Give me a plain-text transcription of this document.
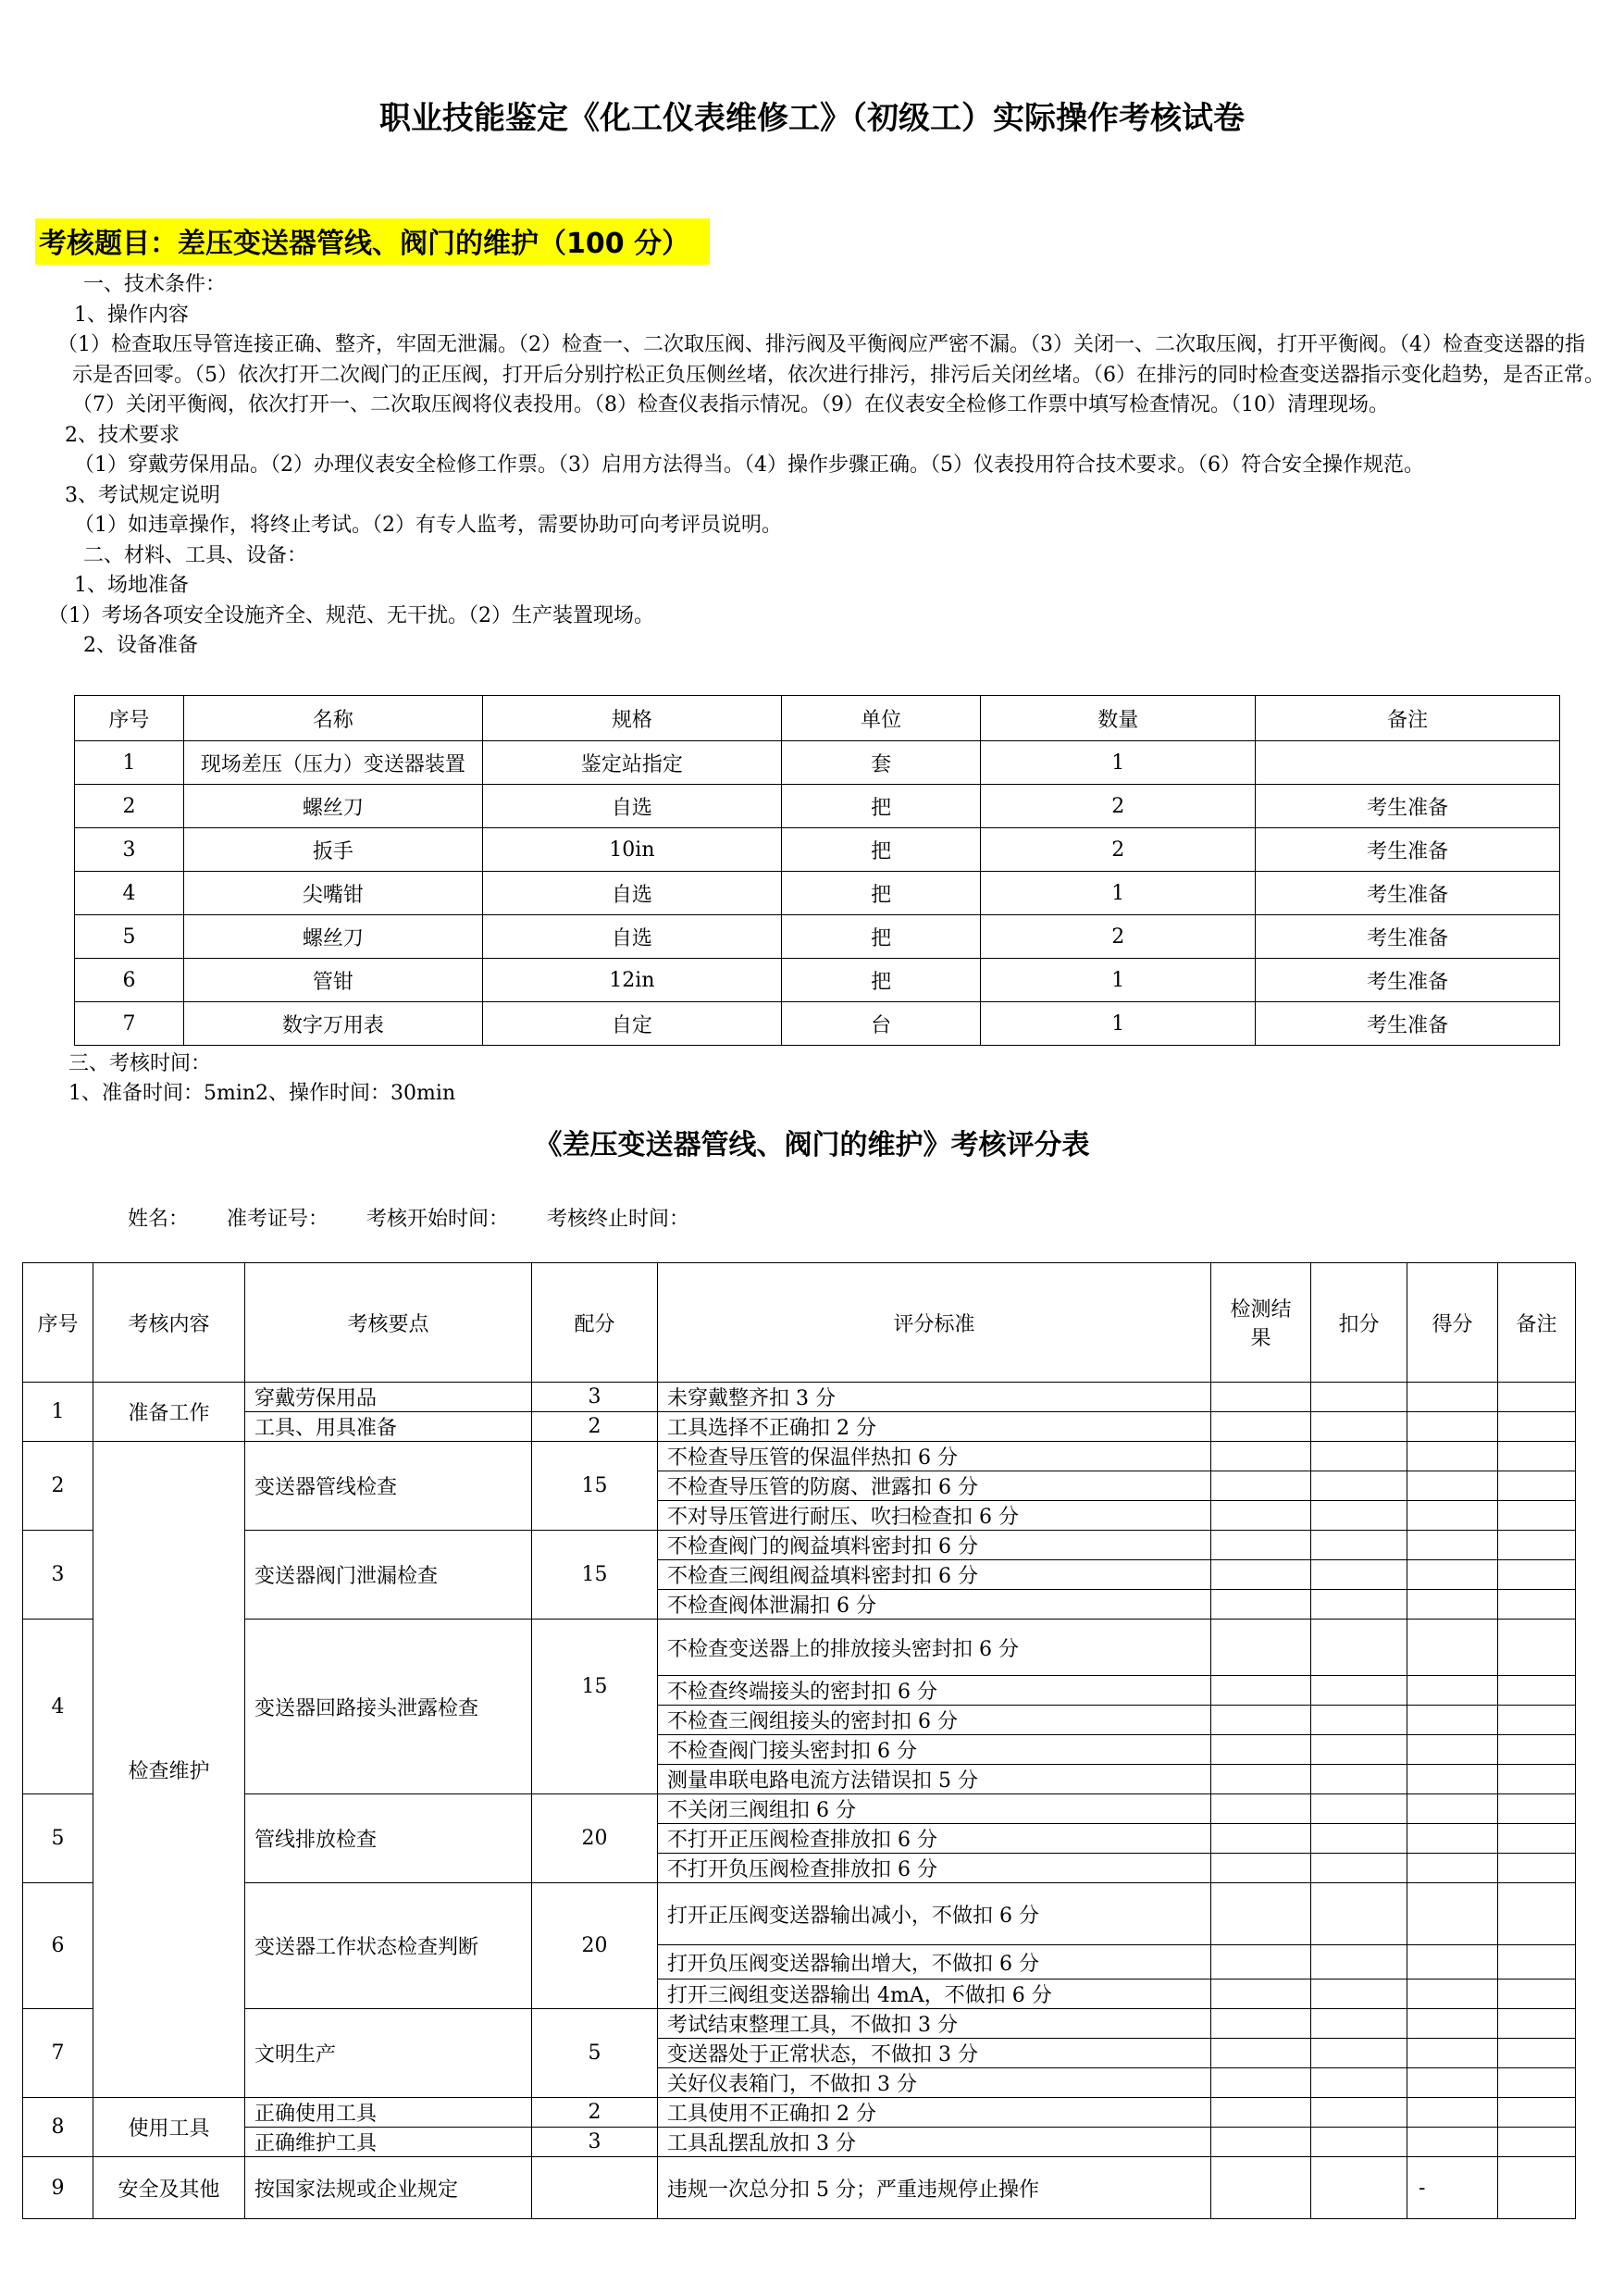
职业技能鉴定《化工仪表维修工》（初级工）实际操作考核试卷
考核题目：差压变送器管线、阀门的维护（100 分）

一、技术条件：

1、操作内容

（1）检查取压导管连接正确、整齐，牢固无泄漏。（2）检查一、二次取压阀、排污阀及平衡阀应严密不漏。（3）关闭一、二次取压阀，打开平衡阀。（4）检查变送器的指示是否回零。（5）依次打开二次阀门的正压阀，打开后分别拧松正负压侧丝堵，依次进行排污，排污后关闭丝堵。（6）在排污的同时检查变送器指示变化趋势，是否正常。（7）关闭平衡阀，依次打开一、二次取压阀将仪表投用。（8）检查仪表指示情况。（9）在仪表安全检修工作票中填写检查情况。（10）清理现场。

2、技术要求

（1）穿戴劳保用品。（2）办理仪表安全检修工作票。（3）启用方法得当。（4）操作步骤正确。（5）仪表投用符合技术要求。（6）符合安全操作规范。

3、考试规定说明

（1）如违章操作，将终止考试。（2）有专人监考，需要协助可向考评员说明。

二、材料、工具、设备：

1、场地准备

（1）考场各项安全设施齐全、规范、无干扰。（2）生产装置现场。

2、设备准备

序号	名称	规格	单位	数量	备注
1	现场差压（压力）变送器装置	鉴定站指定	套	1	
2	螺丝刀	自选	把	2	考生准备
3	扳手	10in	把	2	考生准备
4	尖嘴钳	自选	把	1	考生准备
5	螺丝刀	自选	把	2	考生准备
6	管钳	12in	把	1	考生准备
7	数字万用表	自定	台	1	考生准备

三、考核时间：

1、准备时间：5min2、操作时间：30min

《差压变送器管线、阀门的维护》考核评分表
姓名： 准考证号： 考核开始时间： 考核终止时间：
序号	考核内容	考核要点	配分	评分标准	检测结果	扣分	得分	备注
1	准备工作	穿戴劳保用品	3	未穿戴整齐扣 3 分				
		工具、用具准备	2	工具选择不正确扣 2 分				
2	检查维护	变送器管线检查	15	不检查导压管的保温伴热扣 6 分				
				不检查导压管的防腐、泄露扣 6 分				
				不对导压管进行耐压、吹扫检查扣 6 分				
3		变送器阀门泄漏检查	15	不检查阀门的阀益填料密封扣 6 分				
				不检查三阀组阀益填料密封扣 6 分				
				不检查阀体泄漏扣 6 分				
4		变送器回路接头泄露检查	15	不检查变送器上的排放接头密封扣 6 分				
				不检查终端接头的密封扣 6 分				
				不检查三阀组接头的密封扣 6 分				
				不检查阀门接头密封扣 6 分				
				测量串联电路电流方法错误扣 5 分				
5		管线排放检查	20	不关闭三阀组扣 6 分				
				不打开正压阀检查排放扣 6 分				
				不打开负压阀检查排放扣 6 分				
6		变送器工作状态检查判断	20	打开正压阀变送器输出减小，不做扣 6 分				
				打开负压阀变送器输出增大，不做扣 6 分				
				打开三阀组变送器输出 4mA，不做扣 6 分				
7		文明生产	5	考试结束整理工具，不做扣 3 分				
				变送器处于正常状态，不做扣 3 分				
				关好仪表箱门，不做扣 3 分				
8	使用工具	正确使用工具	2	工具使用不正确扣 2 分				
		正确维护工具	3	工具乱摆乱放扣 3 分				
9	安全及其他	按国家法规或企业规定		违规一次总分扣 5 分；严重违规停止操作			-	
